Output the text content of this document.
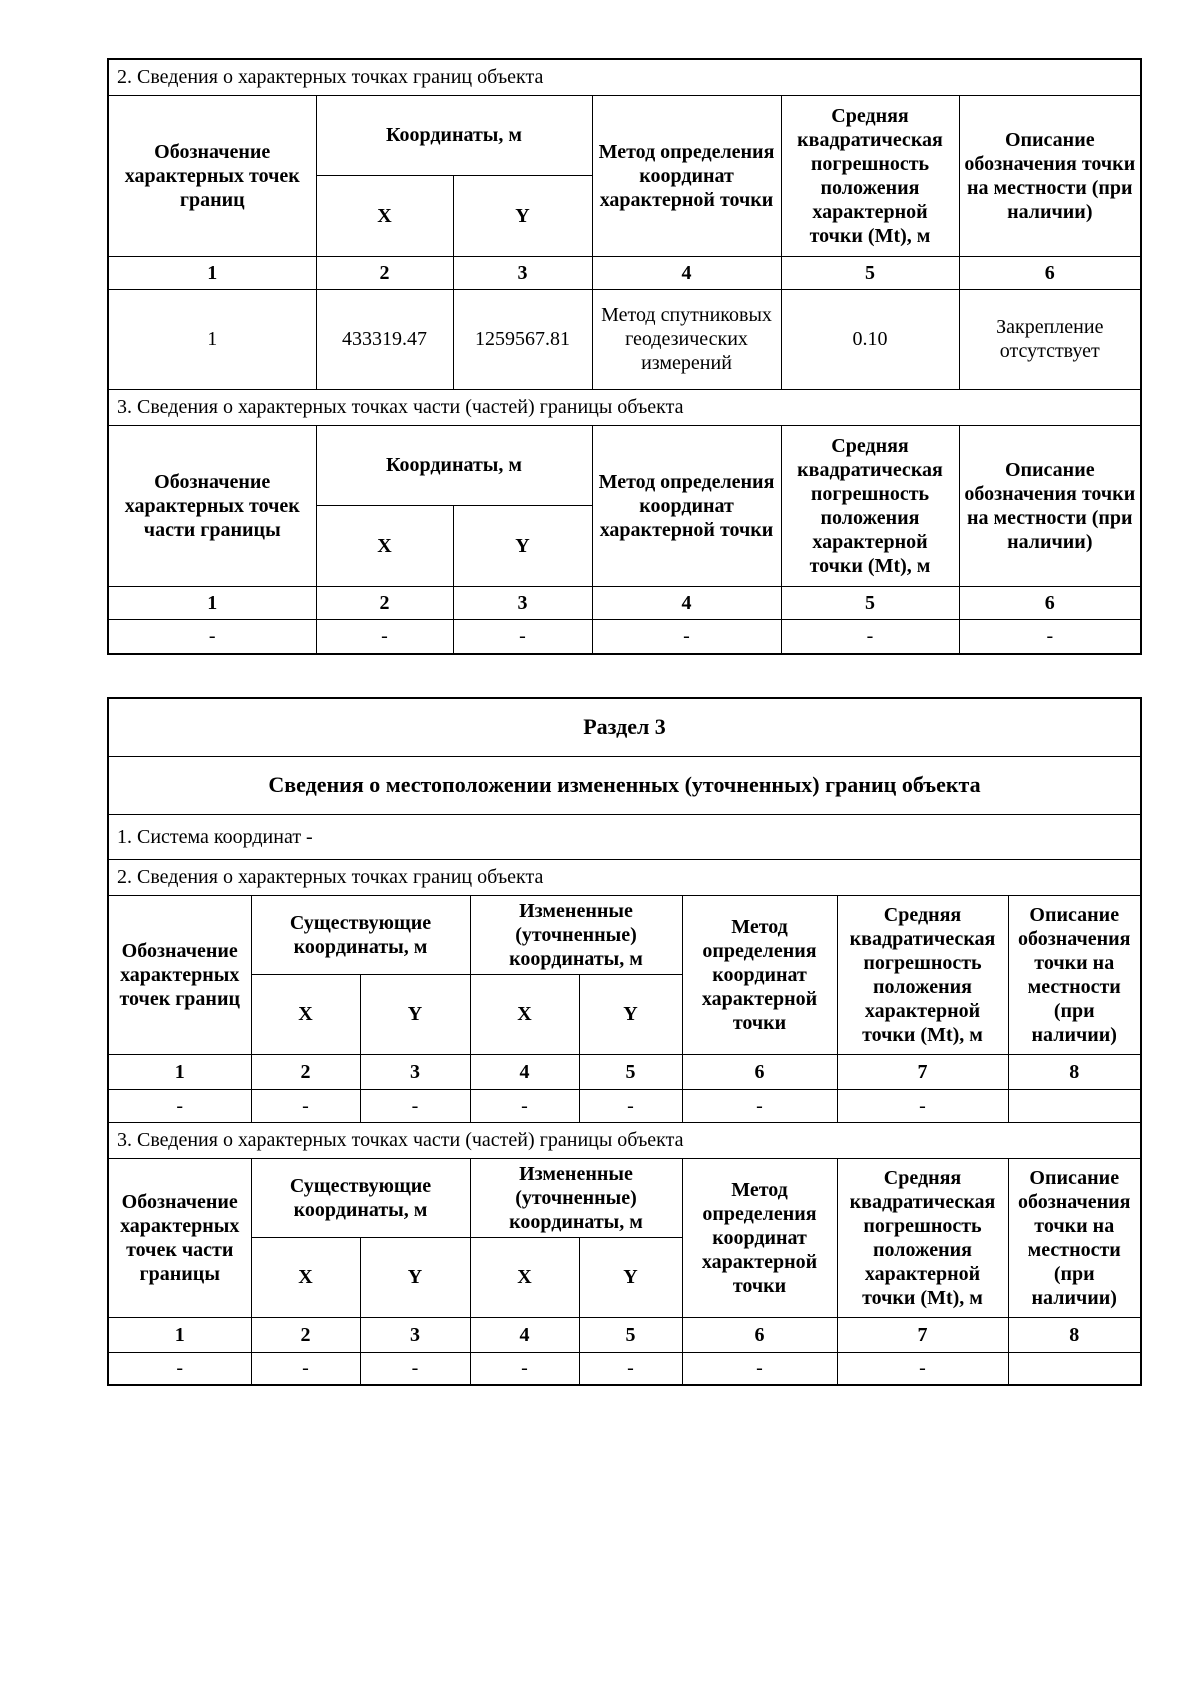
2. Сведения о характерных точках границ объекта					
Обозначение характерных точек границ	Координаты, м		Метод определения координат характерной точки	Средняя квадратическая погрешность положения характерной точки (Mt), м	Описание обозначения точки на местности (при наличии)
	X	Y			
1	2	3	4	5	6
1	433319.47	1259567.81	Метод спутниковых геодезических измерений	0.10	Закрепление отсутствует
3. Сведения о характерных точках части (частей) границы объекта					
Обозначение характерных точек части границы	Координаты, м		Метод определения координат характерной точки	Средняя квадратическая погрешность положения характерной точки (Mt), м	Описание обозначения точки на местности (при наличии)
	X	Y			
1	2	3	4	5	6
-	-	-	-	-	-
Раздел 3							
Сведения о местоположении измененных (уточненных) границ объекта							
1. Система координат -							
2. Сведения о характерных точках границ объекта							
Обозначение характерных точек границ	Существующие координаты, м		Измененные (уточненные) координаты, м		Метод определения координат характерной точки	Средняя квадратическая погрешность положения характерной точки (Mt), м	Описание обозначения точки на местности (при наличии)
	X	Y	X	Y			
1	2	3	4	5	6	7	8
-	-	-	-	-	-	-	
3. Сведения о характерных точках части (частей) границы объекта							
Обозначение характерных точек части границы	Существующие координаты, м		Измененные (уточненные) координаты, м		Метод определения координат характерной точки	Средняя квадратическая погрешность положения характерной точки (Mt), м	Описание обозначения точки на местности (при наличии)
	X	Y	X	Y			
1	2	3	4	5	6	7	8
-	-	-	-	-	-	-	
